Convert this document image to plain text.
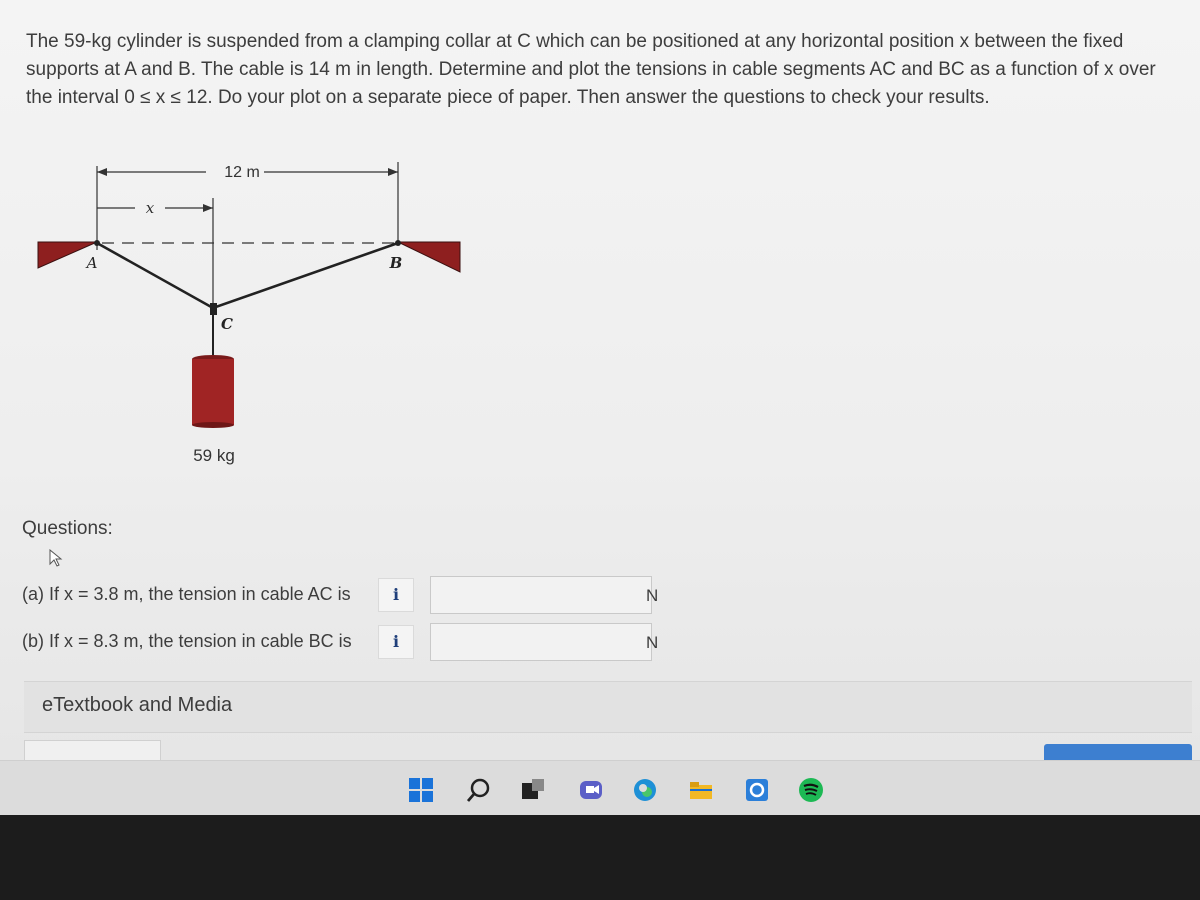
The 59-kg cylinder is suspended from a clamping collar at C which can be positioned at any horizontal position x between the fixed supports at A and B. The cable is 14 m in length. Determine and plot the tensions in cable segments AC and BC as a function of x over the interval 0 ≤ x ≤ 12. Do your plot on a separate piece of paper. Then answer the questions to check your results.
12 m
x
A	B
C
59 kg
Questions:
(a) If x = 3.8 m, the tension in cable AC is	i	N
(b) If x = 8.3 m, the tension in cable BC is	i	N
eTextbook and Media
